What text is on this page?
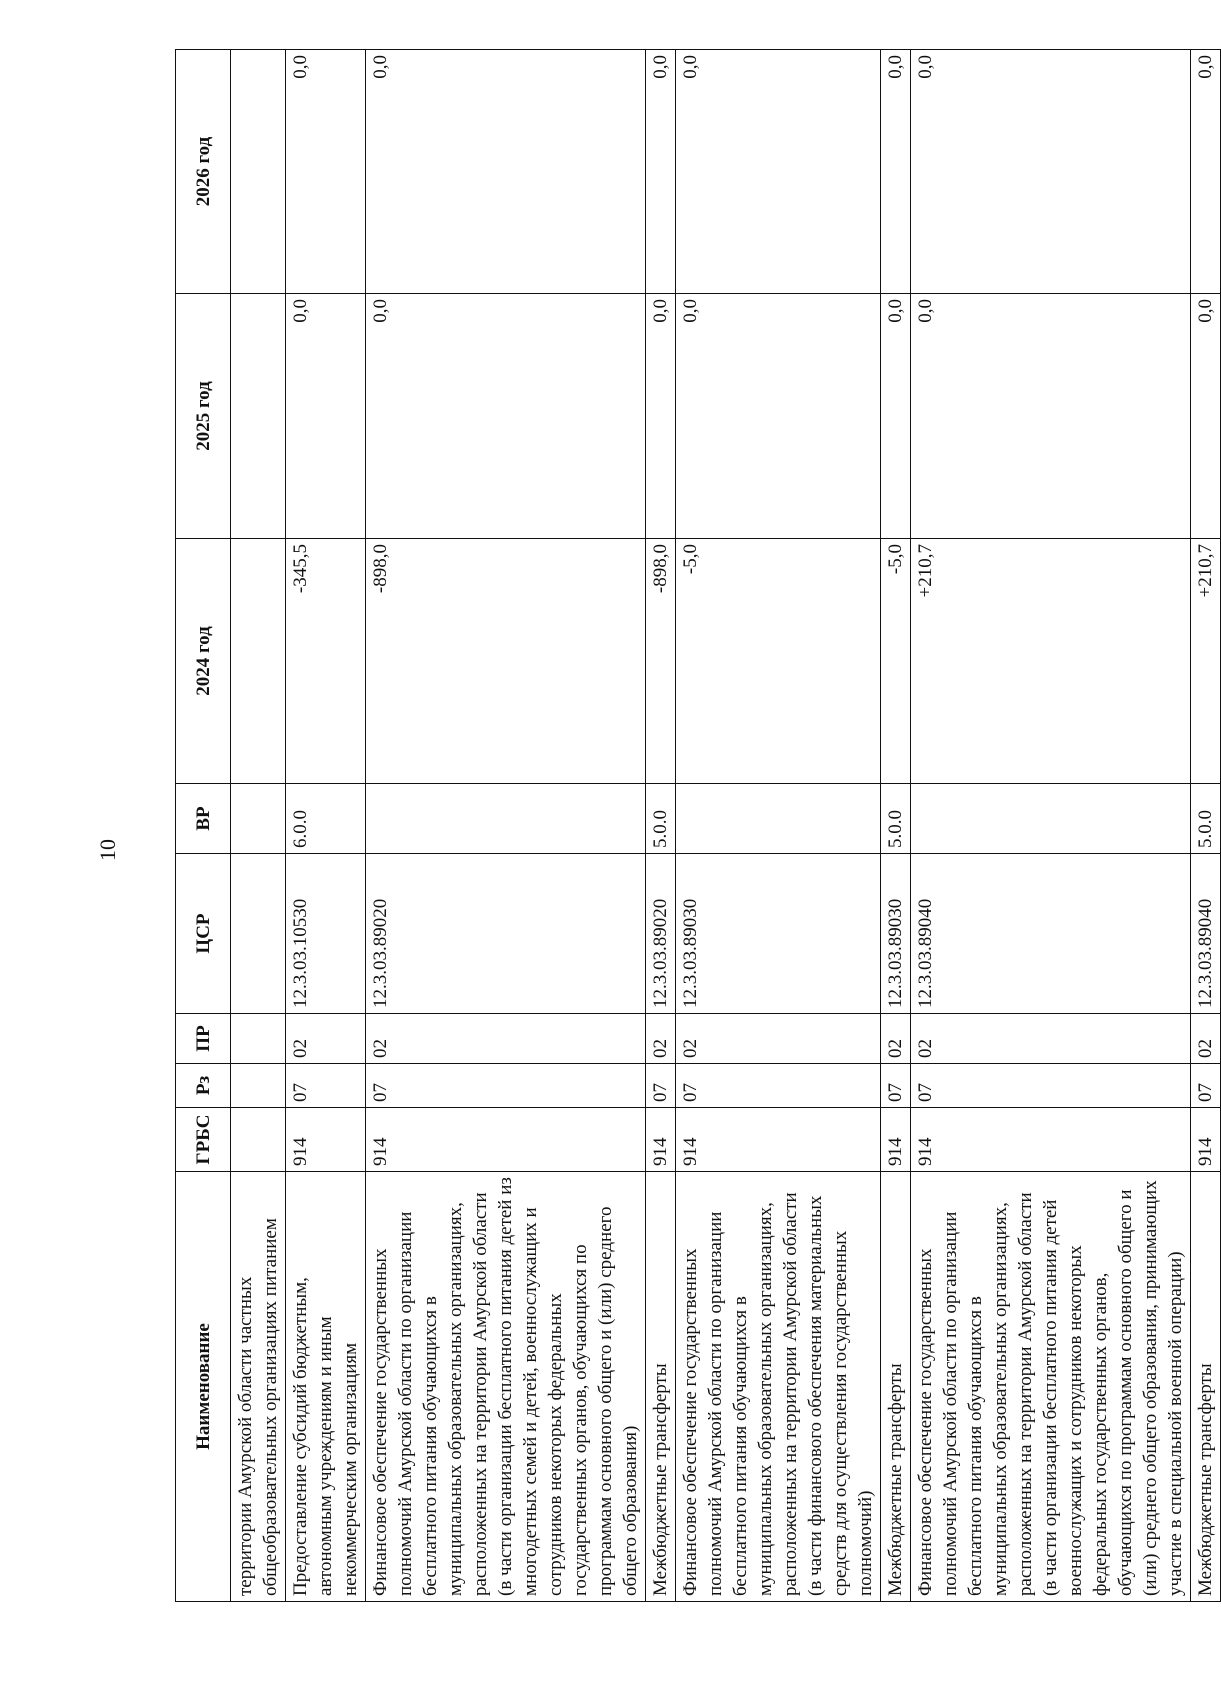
10
Наименование	ГРБС	Рз	ПР	ЦСР	ВР	2024 год	2025 год	2026 год
территории Амурской области частных общеобразовательных организациях питанием								
Предоставление субсидий бюджетным, автономным учреждениям и иным некоммерческим организациям	914	07	02	12.3.03.10530	6.0.0	-345,5	0,0	0,0
Финансовое обеспечение государственных полномочий Амурской области по организации бесплатного питания обучающихся в муниципальных образовательных организациях, расположенных на территории Амурской области (в части организации бесплатного питания детей из многодетных семей и детей, военнослужащих и сотрудников некоторых федеральных государственных органов, обучающихся по программам основного общего и (или) среднего общего образования)	914	07	02	12.3.03.89020		-898,0	0,0	0,0
Межбюджетные трансферты	914	07	02	12.3.03.89020	5.0.0	-898,0	0,0	0,0
Финансовое обеспечение государственных полномочий Амурской области по организации бесплатного питания обучающихся в муниципальных образовательных организациях, расположенных на территории Амурской области (в части финансового обеспечения материальных средств для осуществления государственных полномочий)	914	07	02	12.3.03.89030		-5,0	0,0	0,0
Межбюджетные трансферты	914	07	02	12.3.03.89030	5.0.0	-5,0	0,0	0,0
Финансовое обеспечение государственных полномочий Амурской области по организации бесплатного питания обучающихся в муниципальных образовательных организациях, расположенных на территории Амурской области (в части организации бесплатного питания детей военнослужащих и сотрудников некоторых федеральных государственных органов, обучающихся по программам основного общего и (или) среднего общего образования, принимающих участие в специальной военной операции)	914	07	02	12.3.03.89040		+210,7	0,0	0,0
Межбюджетные трансферты	914	07	02	12.3.03.89040	5.0.0	+210,7	0,0	0,0
